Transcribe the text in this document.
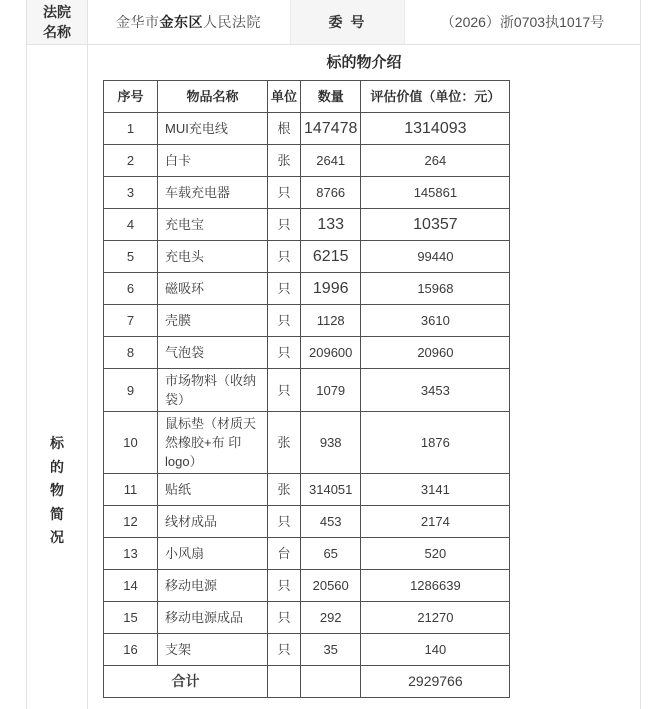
法院名称
金华市 金东区 人民法院	委 号	（2026）浙0703执1017号
标的物介绍
标的物简况
序号	物品名称	单位	数量	评估价值（单位：元）
1	MUI充电线	根	147478	1314093
2	白卡	张	2641	264
3	车载充电器	只	8766	145861
4	充电宝	只	133	10357
5	充电头	只	6215	99440
6	磁吸环	只	1996	15968
7	壳膜	只	1128	3610
8	气泡袋	只	209600	20960
9	市场物料（收纳袋）	只	1079	3453
10	鼠标垫（材质天然橡胶+布 印logo）	张	938	1876
11	贴纸	张	314051	3141
12	线材成品	只	453	2174
13	小风扇	台	65	520
14	移动电源	只	20560	1286639
15	移动电源成品	只	292	21270
16	支架	只	35	140
合计				2929766
